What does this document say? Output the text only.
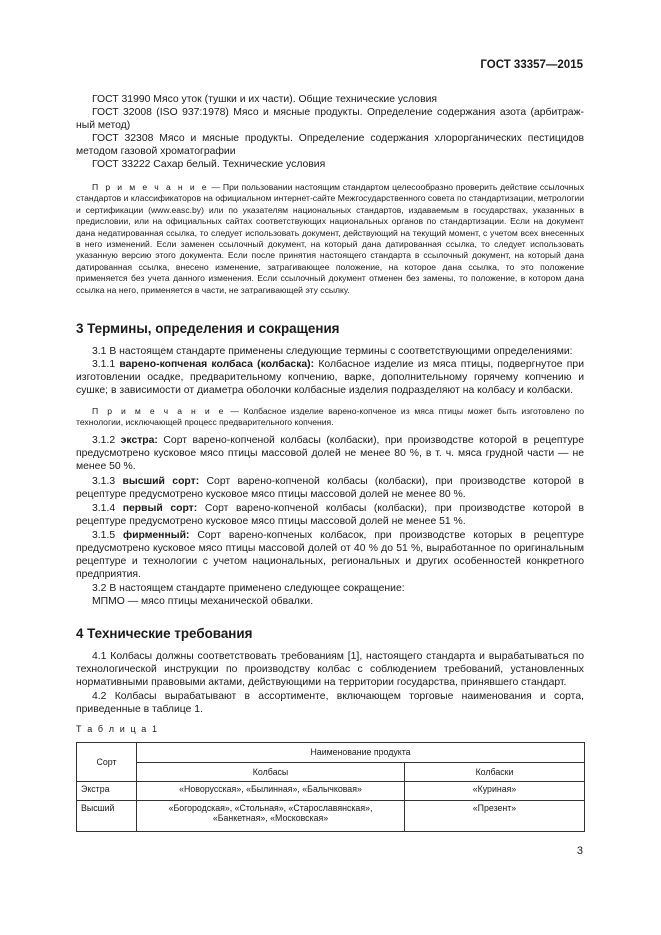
ГОСТ 33357—2015
ГОСТ 31990 Мясо уток (тушки и их части). Общие технические условия
ГОСТ 32008 (ISO 937:1978) Мясо и мясные продукты. Определение содержания азота (арбитраж-ный метод)
ГОСТ 32308 Мясо и мясные продукты. Определение содержания хлорорганических пестицидов методом газовой хроматографии
ГОСТ 33222 Сахар белый. Технические условия
П р и м е ч а н и е — При пользовании настоящим стандартом целесообразно проверить действие ссылочных стандартов и классификаторов на официальном интернет-сайте Межгосударственного совета по стандартизации, метрологии и сертификации (www.easc.by) или по указателям национальных стандартов, издаваемым в государствах, указанных в предисловии, или на официальных сайтах соответствующих национальных органов по стандартизации. Если на документ дана недатированная ссылка, то следует использовать документ, действующий на текущий момент, с учетом всех внесенных в него изменений. Если заменен ссылочный документ, на который дана датированная ссылка, то следует использовать указанную версию этого документа. Если после принятия настоящего стандарта в ссылочный документ, на который дана датированная ссылка, внесено изменение, затрагивающее положение, на которое дана ссылка, то это положение применяется без учета данного изменения. Если ссылочный документ отменен без замены, то положение, в котором дана ссылка на него, применяется в части, не затрагивающей эту ссылку.
3 Термины, определения и сокращения
3.1 В настоящем стандарте применены следующие термины с соответствующими определениями:
3.1.1 варено-копченая колбаса (колбаска): Колбасное изделие из мяса птицы, подвергнутое при изготовлении осадке, предварительному копчению, варке, дополнительному горячему копчению и сушке; в зависимости от диаметра оболочки колбасные изделия подразделяют на колбасу и колбаски.
П р и м е ч а н и е — Колбасное изделие варено-копченое из мяса птицы может быть изготовлено по технологии, исключающей процесс предварительного копчения.
3.1.2 экстра: Сорт варено-копченой колбасы (колбаски), при производстве которой в рецептуре предусмотрено кусковое мясо птицы массовой долей не менее 80 %, в т. ч. мяса грудной части — не менее 50 %.
3.1.3 высший сорт: Сорт варено-копченой колбасы (колбаски), при производстве которой в рецептуре предусмотрено кусковое мясо птицы массовой долей не менее 80 %.
3.1.4 первый сорт: Сорт варено-копченой колбасы (колбаски), при производстве которой в рецептуре предусмотрено кусковое мясо птицы массовой долей не менее 51 %.
3.1.5 фирменный: Сорт варено-копченых колбасок, при производстве которых в рецептуре предусмотрено кусковое мясо птицы массовой долей от 40 % до 51 %, выработанное по оригинальным рецептуре и технологии с учетом национальных, региональных и других особенностей конкретного предприятия.
3.2 В настоящем стандарте применено следующее сокращение:
МПМО — мясо птицы механической обвалки.
4 Технические требования
4.1 Колбасы должны соответствовать требованиям [1], настоящего стандарта и вырабатываться по технологической инструкции по производству колбас с соблюдением требований, установленных нормативными правовыми актами, действующими на территории государства, принявшего стандарт.
4.2 Колбасы вырабатывают в ассортименте, включающем торговые наименования и сорта, приведенные в таблице 1.
Т а б л и ц а 1
Сорт	Наименование продукта	
	Колбасы	Колбаски
Экстра	«Новорусская», «Былинная», «Балычковая»	«Куриная»
Высший	«Богородская», «Стольная», «Старославянская», «Банкетная», «Московская»	«Презент»
3
